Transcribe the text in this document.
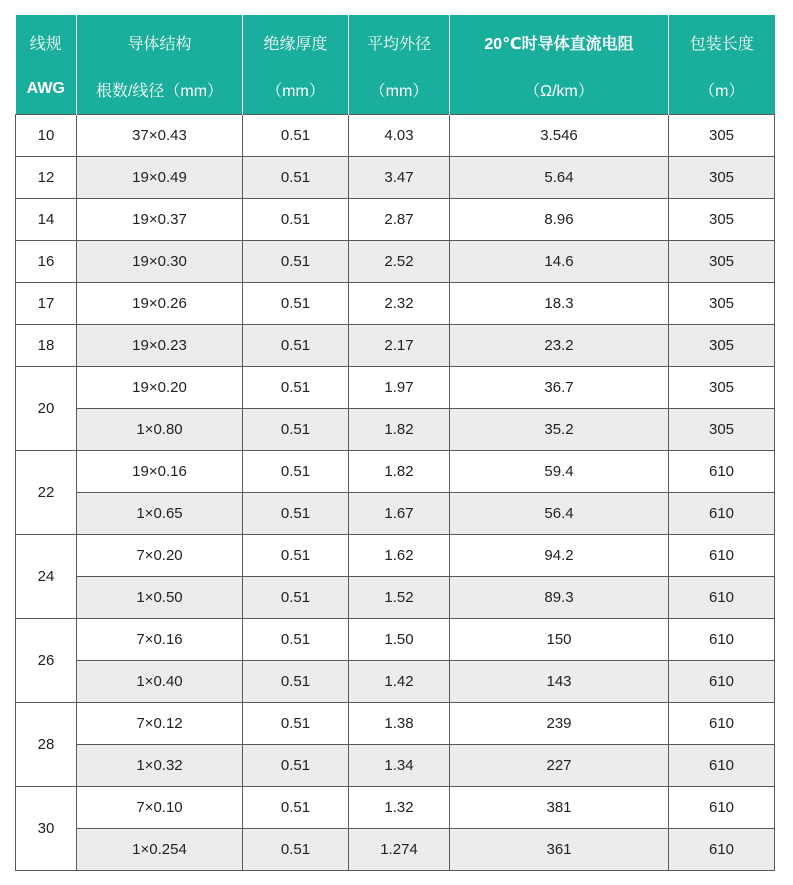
线规	导体结构	绝缘厚度	平均外径	20℃时导体直流电阻	包装长度
AWG	根数/线径（mm）	（mm）	（mm）	（Ω/km）	（m）
10	37×0.43	0.51	4.03	3.546	305
12	19×0.49	0.51	3.47	5.64	305
14	19×0.37	0.51	2.87	8.96	305
16	19×0.30	0.51	2.52	14.6	305
17	19×0.26	0.51	2.32	18.3	305
18	19×0.23	0.51	2.17	23.2	305
20	19×0.20	0.51	1.97	36.7	305
	1×0.80	0.51	1.82	35.2	305
22	19×0.16	0.51	1.82	59.4	610
	1×0.65	0.51	1.67	56.4	610
24	7×0.20	0.51	1.62	94.2	610
	1×0.50	0.51	1.52	89.3	610
26	7×0.16	0.51	1.50	150	610
	1×0.40	0.51	1.42	143	610
28	7×0.12	0.51	1.38	239	610
	1×0.32	0.51	1.34	227	610
30	7×0.10	0.51	1.32	381	610
	1×0.254	0.51	1.274	361	610
